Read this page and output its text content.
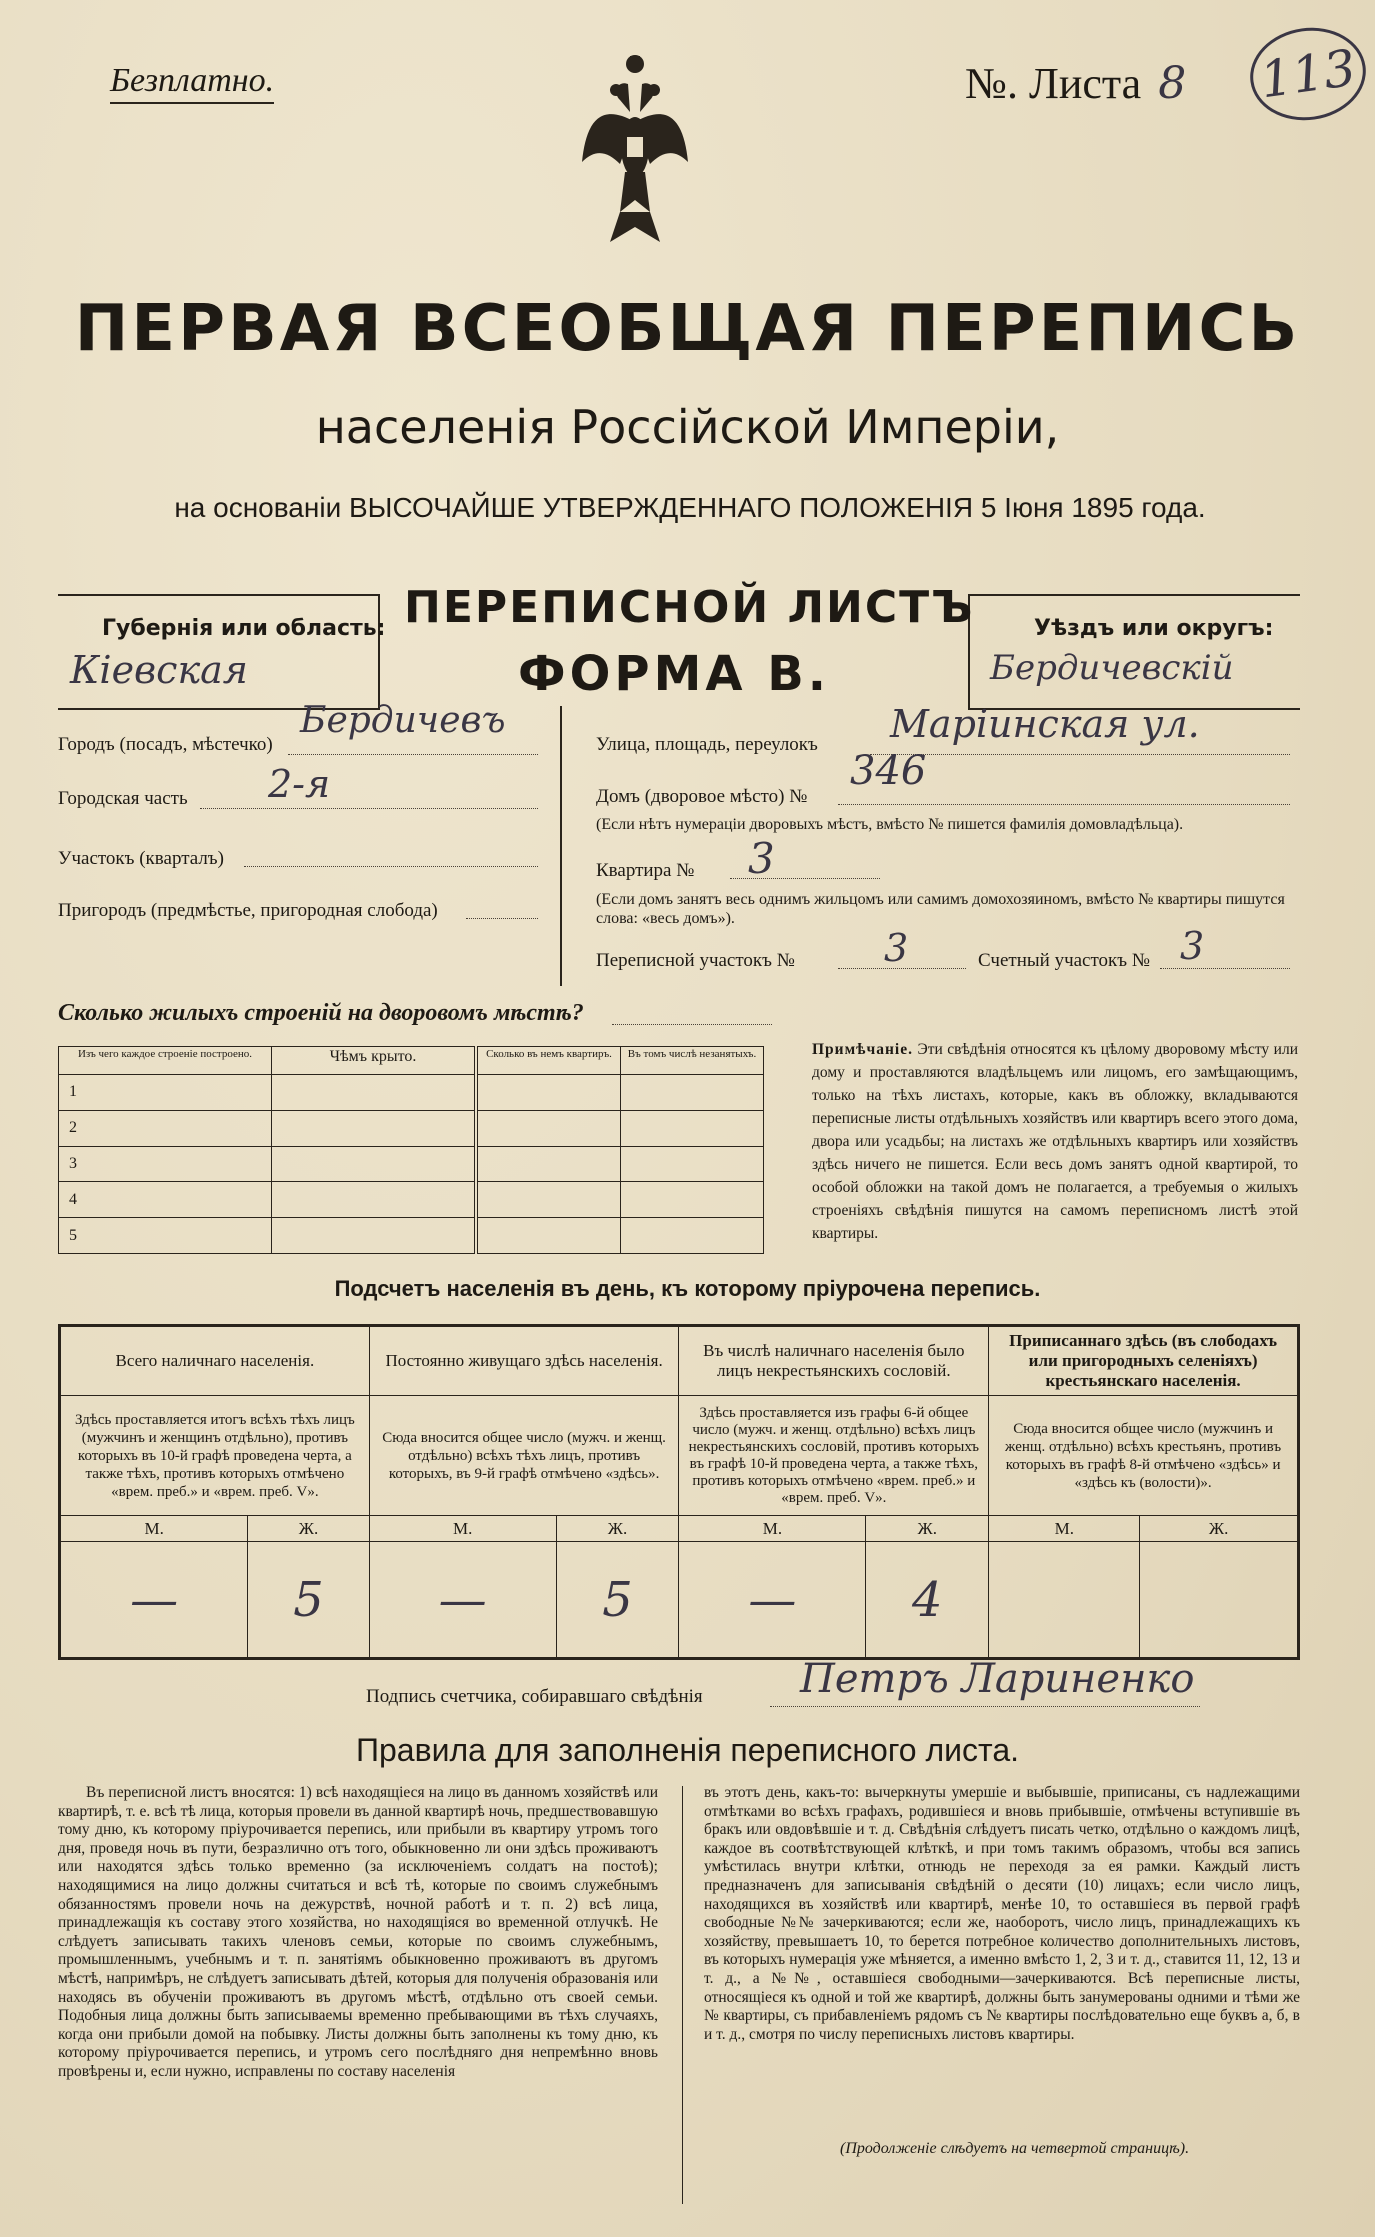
Безплатно.	№. Листа 8 113
ПЕРВАЯ ВСЕОБЩАЯ ПЕРЕПИСЬ
населенія Россійской Имперіи,
на основаніи ВЫСОЧАЙШЕ УТВЕРЖДЕННАГО ПОЛОЖЕНІЯ 5 Іюня 1895 года.
Губернія или область:
Кіевская
ПЕРЕПИСНОЙ ЛИСТЪ
ФОРМА В.
Уѣздъ или округъ:
Бердичевскій
Городъ (посадъ, мѣстечко)
Бердичевъ
Городская часть 2-я
Участокъ (кварталъ)
Пригородъ (предмѣстье, пригородная слобода)
Улица, площадь, переулокъ Маріинская ул.
Домъ (дворовое мѣсто) №
346
(Если нѣтъ нумераціи дворовыхъ мѣстъ, вмѣсто № пишется фамилія домовладѣльца).
Квартира № 3
(Если домъ занятъ весь однимъ жильцомъ или самимъ домохозяиномъ, вмѣсто № квартиры пишутся слова: «весь домъ»).
Переписной участокъ № 3	Счетный участокъ № 3
Сколько жилыхъ строеній на дворовомъ мѣстѣ?
Изъ чего каждое строеніе построено.	Чѣмъ крыто.	Сколько въ немъ квартиръ.	Въ томъ числѣ незанятыхъ.
1			
2			
3			
4			
5			
Примѣчаніе. Эти свѣдѣнія относятся къ цѣлому дворовому мѣсту или дому и проставляются владѣльцемъ или лицомъ, его замѣщающимъ, только на тѣхъ листахъ, которые, какъ въ обложку, вкладываются переписные листы отдѣльныхъ хозяйствъ или квартиръ всего этого дома, двора или усадьбы; на листахъ же отдѣльныхъ квартиръ или хозяйствъ здѣсь ничего не пишется. Если весь домъ занятъ одной квартирой, то особой обложки на такой домъ не полагается, а требуемыя о жилыхъ строеніяхъ свѣдѣнія пишутся на самомъ переписномъ листѣ этой квартиры.
Подсчетъ населенія въ день, къ которому пріурочена перепись.
Всего наличнаго населенія.		Постоянно живущаго здѣсь населенія.		Въ числѣ наличнаго населенія было лицъ некрестьянскихъ сословій.		Приписаннаго здѣсь (въ слободахъ или пригородныхъ селеніяхъ) крестьянскаго населенія.	
Здѣсь проставляется итогъ всѣхъ тѣхъ лицъ (мужчинъ и женщинъ отдѣльно), противъ которыхъ въ 10-й графѣ проведена черта, а также тѣхъ, противъ которыхъ отмѣчено «врем. преб.» и «врем. преб. V».		Сюда вносится общее число (мужч. и женщ. отдѣльно) всѣхъ тѣхъ лицъ, противъ которыхъ, въ 9-й графѣ отмѣчено «здѣсь».		Здѣсь проставляется изъ графы 6-й общее число (мужч. и женщ. отдѣльно) всѣхъ лицъ некрестьянскихъ сословій, противъ которыхъ въ графѣ 10-й проведена черта, а также тѣхъ, противъ которыхъ отмѣчено «врем. преб.» и «врем. преб. V».		Сюда вносится общее число (мужчинъ и женщ. отдѣльно) всѣхъ крестьянъ, противъ которыхъ въ графѣ 8-й отмѣчено «здѣсь» и «здѣсь къ (волости)».	
М.	Ж.	М.	Ж.	М.	Ж.	М.	Ж.
—	5	—	5	—	4		
Подпись счетчика, собиравшаго свѣдѣнія Петръ Лариненко
Правила для заполненія переписного листа.
Въ переписной листъ вносятся: 1) всѣ находящіеся на лицо въ данномъ хозяйствѣ или квартирѣ, т. е. всѣ тѣ лица, которыя провели въ данной квартирѣ ночь, предшествовавшую тому дню, къ которому пріурочивается перепись, или прибыли въ квартиру утромъ того дня, проведя ночь въ пути, безразлично отъ того, обыкновенно ли они здѣсь проживаютъ или находятся здѣсь только временно (за исключеніемъ солдатъ на постоѣ); находящимися на лицо должны считаться и всѣ тѣ, которые по своимъ служебнымъ обязанностямъ провели ночь на дежурствѣ, ночной работѣ и т. п. 2) всѣ лица, принадлежащія къ составу этого хозяйства, но находящіяся во временной отлучкѣ. Не слѣдуетъ записывать такихъ членовъ семьи, которые по своимъ служебнымъ, промышленнымъ, учебнымъ и т. п. занятіямъ обыкновенно проживаютъ въ другомъ мѣстѣ, напримѣръ, не слѣдуетъ записывать дѣтей, которыя для полученія образованія или находясь въ обученіи проживаютъ въ другомъ мѣстѣ, отдѣльно отъ своей семьи. Подобныя лица должны быть записываемы временно пребывающими въ тѣхъ случаяхъ, когда они прибыли домой на побывку. Листы должны быть заполнены къ тому дню, къ которому пріурочивается перепись, и утромъ сего послѣдняго дня непремѣнно вновь провѣрены и, если нужно, исправлены по составу населенія
въ этотъ день, какъ-то: вычеркнуты умершіе и выбывшіе, приписаны, съ надлежащими отмѣтками во всѣхъ графахъ, родившіеся и вновь прибывшіе, отмѣчены вступившіе въ бракъ или овдовѣвшіе и т. д. Свѣдѣнія слѣдуетъ писать четко, отдѣльно о каждомъ лицѣ, каждое въ соотвѣтствующей клѣткѣ, и при томъ такимъ образомъ, чтобы вся запись умѣстилась внутри клѣтки, отнюдь не переходя за ея рамки. Каждый листъ предназначенъ для записыванія свѣдѣній о десяти (10) лицахъ; если число лицъ, находящихся въ хозяйствѣ или квартирѣ, менѣе 10, то оставшіеся въ первой графѣ свободные №№ зачеркиваются; если же, наоборотъ, число лицъ, принадлежащихъ къ хозяйству, превышаетъ 10, то берется потребное количество дополнительныхъ листовъ, въ которыхъ нумерація уже мѣняется, а именно вмѣсто 1, 2, 3 и т. д., ставится 11, 12, 13 и т. д., а №№, оставшіеся свободными—зачеркиваются. Всѣ переписные листы, относящіеся къ одной и той же квартирѣ, должны быть занумерованы одними и тѣми же № квартиры, съ прибавленіемъ рядомъ съ № квартиры послѣдовательно еще буквъ а, б, в и т. д., смотря по числу переписныхъ листовъ квартиры.
(Продолженіе слѣдуетъ на четвертой страницѣ).
